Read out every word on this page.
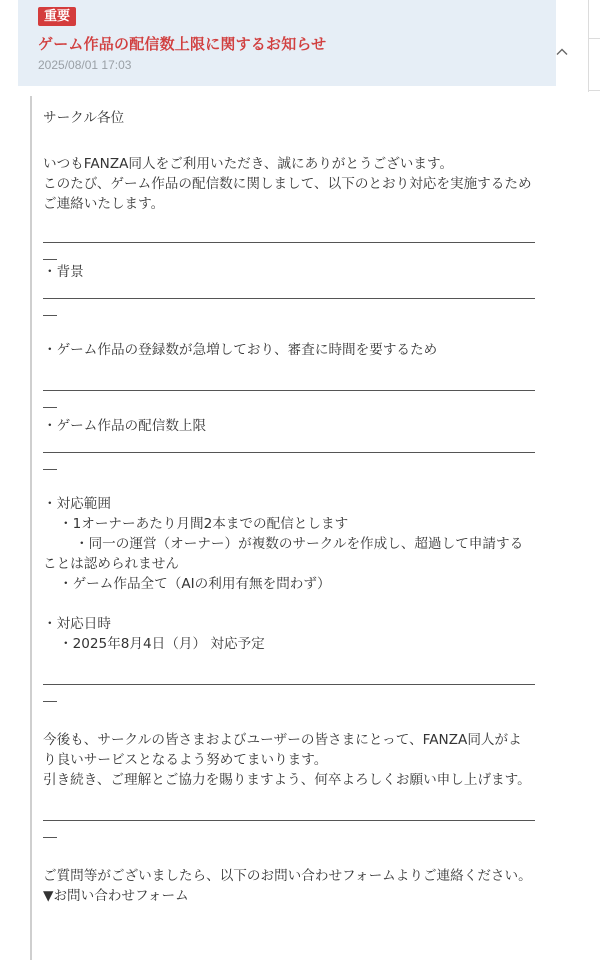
重要
ゲーム作品の配信数上限に関するお知らせ
2025/08/01 17:03

サークル各位

いつもFANZA同人をご利用いただき、誠にありがとうございます。

このたび、ゲーム作品の配信数に関しまして、以下のとおり対応を実施するためご連絡いたします。

・背景

・ゲーム作品の登録数が急増しており、審査に時間を要するため

・ゲーム作品の配信数上限

・対応範囲

・1オーナーあたり月間2本までの配信とします

・同一の運営（オーナー）が複数のサークルを作成し、超過して申請することは認められません

・ゲーム作品全て（AIの利用有無を問わず）

・対応日時

・2025年8月4日（月） 対応予定

今後も、サークルの皆さまおよびユーザーの皆さまにとって、FANZA同人がより良いサービスとなるよう努めてまいります。

引き続き、ご理解とご協力を賜りますよう、何卒よろしくお願い申し上げます。

ご質問等がございましたら、以下のお問い合わせフォームよりご連絡ください。

▼お問い合わせフォーム
